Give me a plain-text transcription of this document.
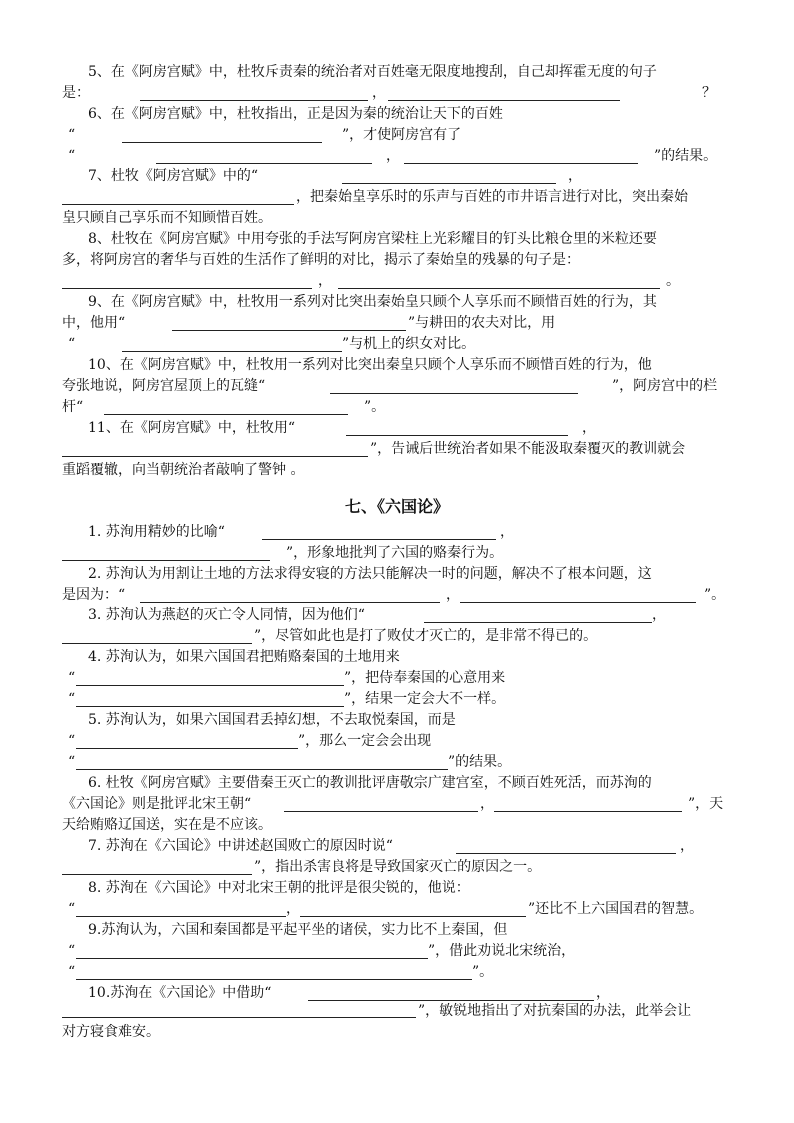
5、在《阿房宫赋》中，杜牧斥责秦的统治者对百姓毫无限度地搜刮，自己却挥霍无度的句子
是：	，	？
6、在《阿房宫赋》中，杜牧指出，正是因为秦的统治让天下的百姓
“	”，才使阿房宫有了
“	，	”的结果。
7、杜牧《阿房宫赋》中的“	，
，把秦始皇享乐时的乐声与百姓的市井语言进行对比，突出秦始
皇只顾自己享乐而不知顾惜百姓。
8、杜牧在《阿房宫赋》中用夸张的手法写阿房宫梁柱上光彩耀目的钉头比粮仓里的米粒还要
多，将阿房宫的奢华与百姓的生活作了鲜明的对比，揭示了秦始皇的残暴的句子是：
，	。
9、在《阿房宫赋》中，杜牧用一系列对比突出秦始皇只顾个人享乐而不顾惜百姓的行为，其
中，他用“	”与耕田的农夫对比，用
“	”与机上的织女对比。
10、在《阿房宫赋》中，杜牧用一系列对比突出秦皇只顾个人享乐而不顾惜百姓的行为，他
夸张地说，阿房宫屋顶上的瓦缝“	”，阿房宫中的栏
杆“	”。
11、在《阿房宫赋》中，杜牧用“	，
”，告诫后世统治者如果不能汲取秦覆灭的教训就会
重蹈覆辙，向当朝统治者敲响了警钟 。
七、《六国论》
1. 苏洵用精妙的比喻“	，
”，形象地批判了六国的赂秦行为。
2. 苏洵认为用割让土地的方法求得安寝的方法只能解决一时的问题，解决不了根本问题，这
是因为：“	，	”。
3. 苏洵认为燕赵的灭亡令人同情，因为他们“	，
”，尽管如此也是打了败仗才灭亡的，是非常不得已的。
4. 苏洵认为，如果六国国君把贿赂秦国的土地用来
“	”，把侍奉秦国的心意用来
“	”，结果一定会大不一样。
5. 苏洵认为，如果六国国君丢掉幻想，不去取悦秦国，而是
“	”，那么一定会会出现
“	”的结果。
6. 杜牧《阿房宫赋》主要借秦王灭亡的教训批评唐敬宗广建宫室，不顾百姓死活，而苏洵的
《六国论》则是批评北宋王朝“	，	”，天
天给贿赂辽国送，实在是不应该。
7. 苏洵在《六国论》中讲述赵国败亡的原因时说“	，
”，指出杀害良将是导致国家灭亡的原因之一。
8. 苏洵在《六国论》中对北宋王朝的批评是很尖锐的，他说：
“	，	”还比不上六国国君的智慧。
9.苏洵认为，六国和秦国都是平起平坐的诸侯，实力比不上秦国，但
“	”，借此劝说北宋统治，
“	”。
10.苏洵在《六国论》中借助“	，
”，敏锐地指出了对抗秦国的办法，此举会让
对方寝食难安。
